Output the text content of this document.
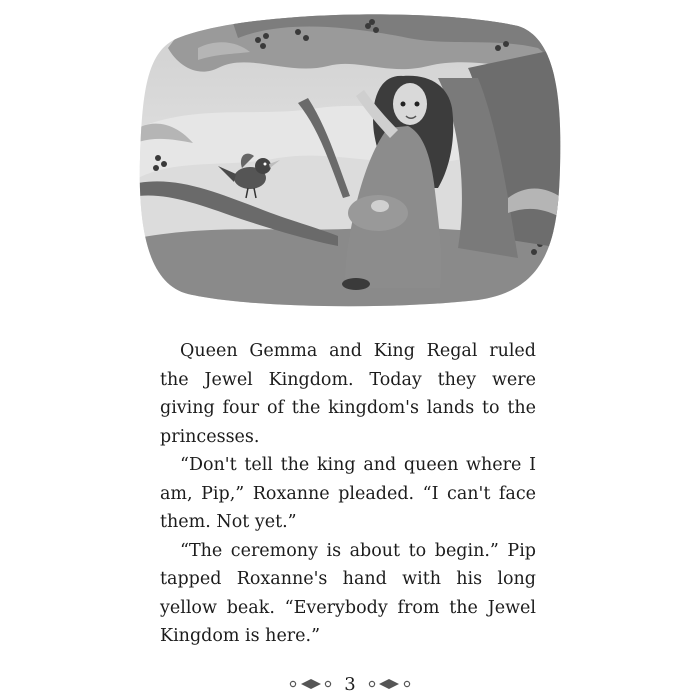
Queen Gemma and King Regal ruled the Jewel Kingdom. Today they were giving four of the kingdom's lands to the princesses.

“Don't tell the king and queen where I am, Pip,” Roxanne pleaded. “I can't face them. Not yet.”

“The ceremony is about to begin.” Pip tapped Roxanne's hand with his long yellow beak. “Everybody from the Jewel Kingdom is here.”

3
